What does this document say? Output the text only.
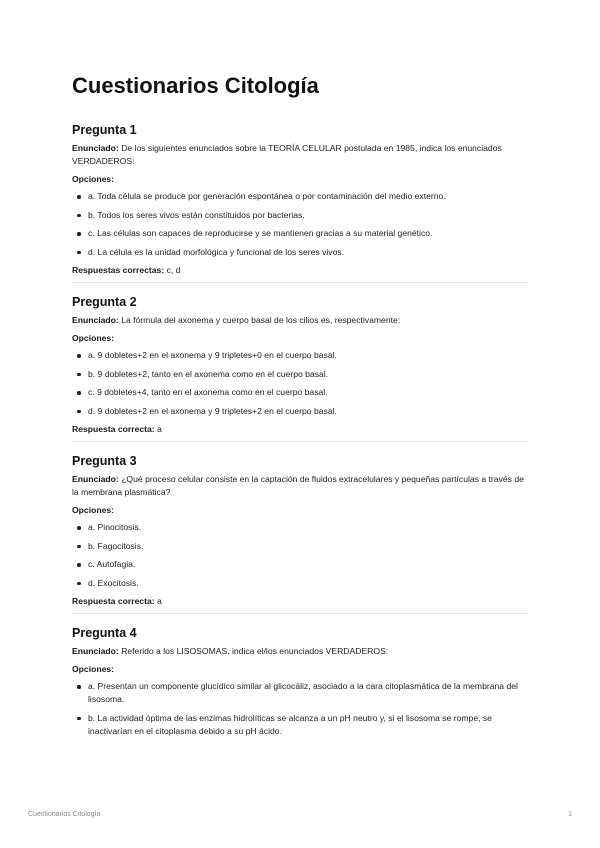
Cuestionarios Citología
Pregunta 1

Enunciado: De los siguientes enunciados sobre la TEORÍA CELULAR postulada en 1985, indica los enunciados VERDADEROS:

Opciones:

a. Toda célula se produce por generación espontánea o por contaminación del medio externo.
b. Todos los seres vivos están constituidos por bacterias.
c. Las células son capaces de reproducirse y se mantienen gracias a su material genético.
d. La célula es la unidad morfológica y funcional de los seres vivos.

Respuestas correctas: c, d

Pregunta 2

Enunciado: La fórmula del axonema y cuerpo basal de los cilios es, respectivamente:

Opciones:

a. 9 dobletes+2 en el axonema y 9 tripletes+0 en el cuerpo basal.
b. 9 dobletes+2, tanto en el axonema como en el cuerpo basal.
c. 9 dobletes+4, tanto en el axonema como en el cuerpo basal.
d. 9 dobletes+2 en el axonema y 9 tripletes+2 en el cuerpo basal.

Respuesta correcta: a

Pregunta 3

Enunciado: ¿Qué proceso celular consiste en la captación de fluidos extracelulares y pequeñas partículas a través de la membrana plasmática?

Opciones:

a. Pinocitosis.
b. Fagocitosis.
c. Autofagia.
d. Exocitosis.

Respuesta correcta: a

Pregunta 4

Enunciado: Referido a los LISOSOMAS, indica el/los enunciados VERDADEROS:

Opciones:

a. Presentan un componente glucídico similar al glicocáliz, asociado a la cara citoplasmática de la membrana del lisosoma.
b. La actividad óptima de las enzimas hidrolíticas se alcanza a un pH neutro y, si el lisosoma se rompe, se inactivarían en el citoplasma debido a su pH ácido.
Cuestionarios Citología	1
